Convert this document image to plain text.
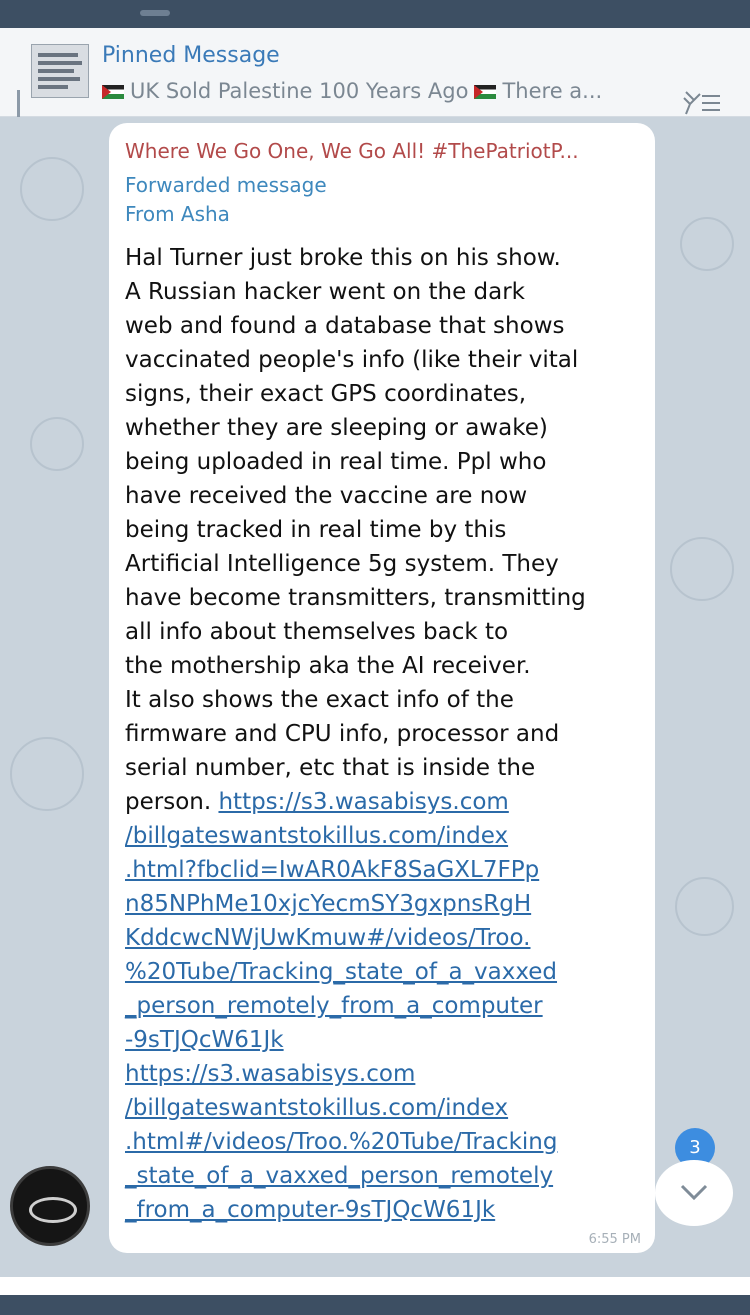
Pinned Message
UK Sold Palestine 100 Years Ago There a...
Where We Go One, We Go All! #ThePatriotP...
Forwarded message
From Asha
Hal Turner just broke this on his show.
A Russian hacker went on the dark
web and found a database that shows
vaccinated people's info (like their vital
signs, their exact GPS coordinates,
whether they are sleeping or awake)
being uploaded in real time. Ppl who
have received the vaccine are now
being tracked in real time by this
Artificial Intelligence 5g system. They
have become transmitters, transmitting
all info about themselves back to
the mothership aka the AI receiver.
It also shows the exact info of the
firmware and CPU info, processor and
serial number, etc that is inside the
person. https://s3.wasabisys.com
/billgateswantstokillus.com/index
.html?fbclid=IwAR0AkF8SaGXL7FPp
n85NPhMe10xjcYecmSY3gxpnsRgH
KddcwcNWjUwKmuw#/videos/Troo.
%20Tube/Tracking_state_of_a_vaxxed
_person_remotely_from_a_computer
-9sTJQcW61Jk
https://s3.wasabisys.com
/billgateswantstokillus.com/index
.html#/videos/Troo.%20Tube/Tracking
_state_of_a_vaxxed_person_remotely
_from_a_computer-9sTJQcW61Jk
6:55 PM
3
